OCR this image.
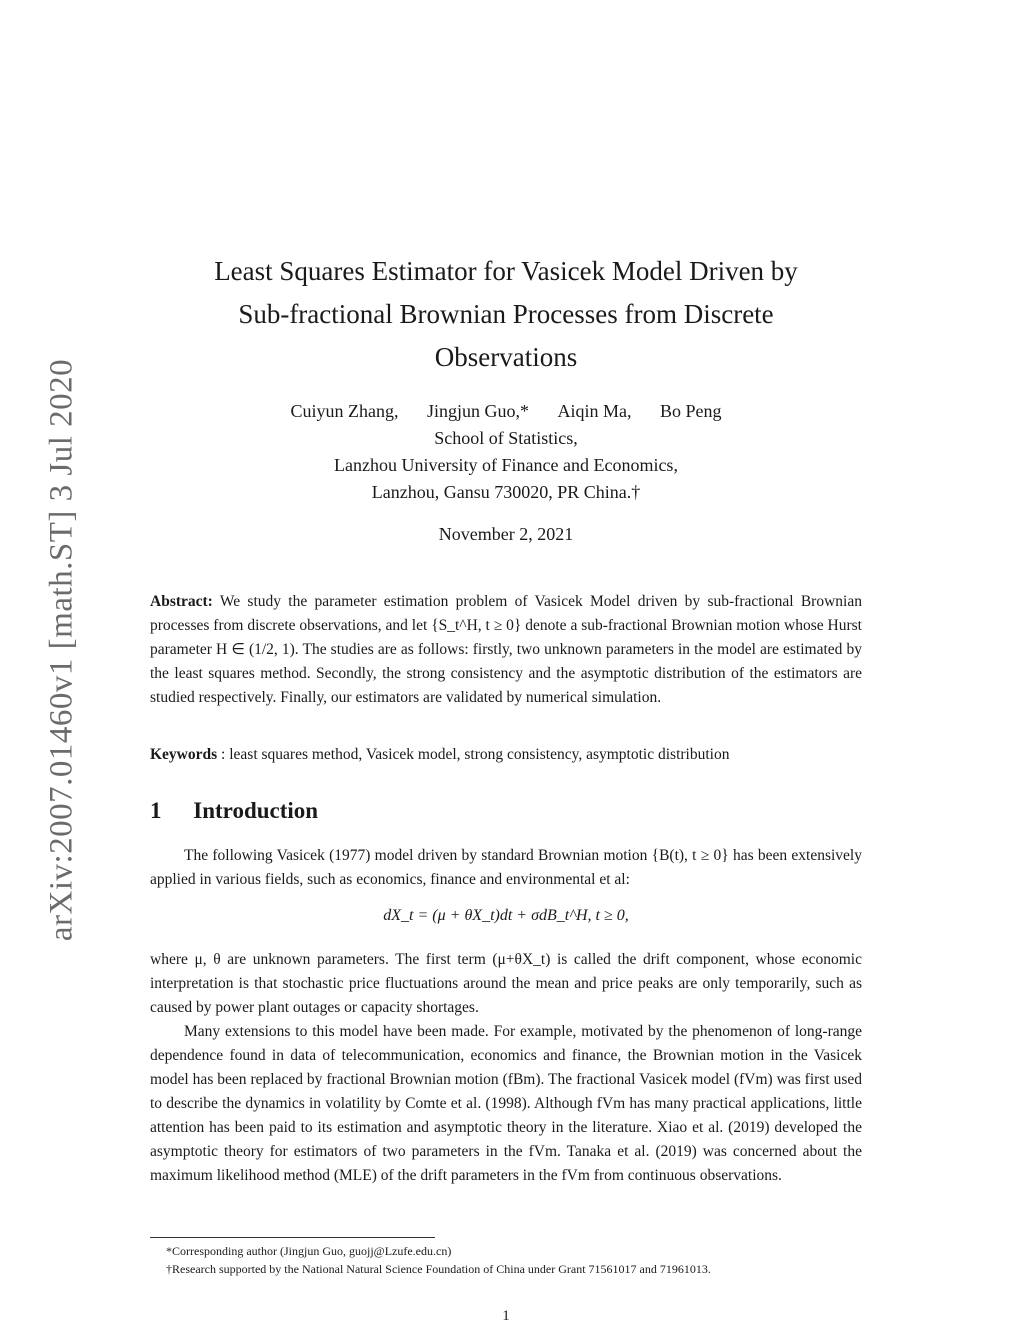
arXiv:2007.01460v1 [math.ST] 3 Jul 2020
Least Squares Estimator for Vasicek Model Driven by
Sub-fractional Brownian Processes from Discrete
Observations
Cuiyun Zhang, Jingjun Guo,* Aiqin Ma, Bo Peng
School of Statistics,
Lanzhou University of Finance and Economics,
Lanzhou, Gansu 730020, PR China.†
November 2, 2021
Abstract: We study the parameter estimation problem of Vasicek Model driven by sub-fractional Brownian processes from discrete observations, and let {S_t^H, t ≥ 0} denote a sub-fractional Brownian motion whose Hurst parameter H ∈ (1/2, 1). The studies are as follows: firstly, two unknown parameters in the model are estimated by the least squares method. Secondly, the strong consistency and the asymptotic distribution of the estimators are studied respectively. Finally, our estimators are validated by numerical simulation.
Keywords : least squares method, Vasicek model, strong consistency, asymptotic distribution
1 Introduction
The following Vasicek (1977) model driven by standard Brownian motion {B(t), t ≥ 0} has been extensively applied in various fields, such as economics, finance and environmental et al:
dX_t = (μ + θX_t)dt + σdB_t^H, t ≥ 0,
where μ, θ are unknown parameters. The first term (μ+θX_t) is called the drift component, whose economic interpretation is that stochastic price fluctuations around the mean and price peaks are only temporarily, such as caused by power plant outages or capacity shortages.
Many extensions to this model have been made. For example, motivated by the phenomenon of long-range dependence found in data of telecommunication, economics and finance, the Brownian motion in the Vasicek model has been replaced by fractional Brownian motion (fBm). The fractional Vasicek model (fVm) was first used to describe the dynamics in volatility by Comte et al. (1998). Although fVm has many practical applications, little attention has been paid to its estimation and asymptotic theory in the literature. Xiao et al. (2019) developed the asymptotic theory for estimators of two parameters in the fVm. Tanaka et al. (2019) was concerned about the maximum likelihood method (MLE) of the drift parameters in the fVm from continuous observations.
*Corresponding author (Jingjun Guo, guojj@Lzufe.edu.cn)
†Research supported by the National Natural Science Foundation of China under Grant 71561017 and 71961013.
1
